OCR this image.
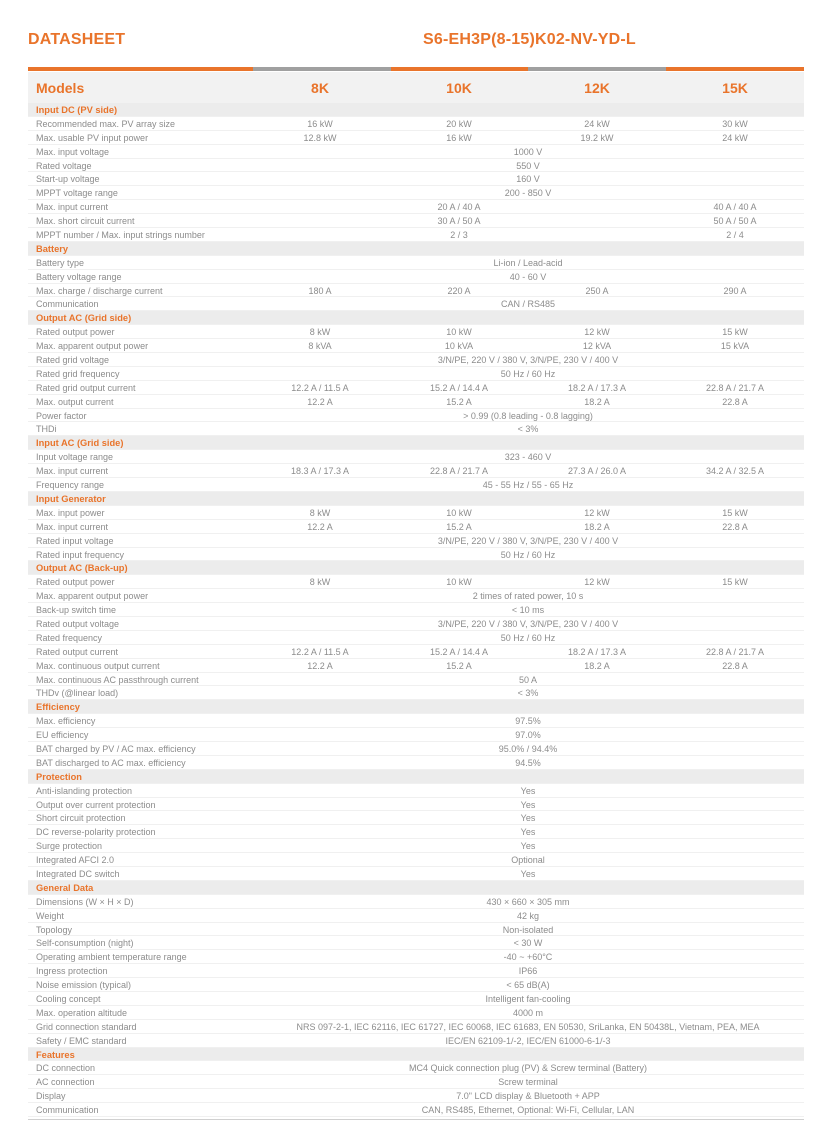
DATASHEET	S6-EH3P(8-15)K02-NV-YD-L
Models	8K	10K	12K	15K
Input DC (PV side)
Recommended max. PV array size	16 kW	20 kW	24 kW	30 kW
Max. usable PV input power	12.8 kW	16 kW	19.2 kW	24 kW
Max. input voltage	1000 V
Rated voltage	550 V
Start-up voltage	160 V
MPPT voltage range	200 - 850 V
Max. input current	20 A / 40 A	40 A / 40 A
Max. short circuit current	30 A / 50 A	50 A / 50 A
MPPT number / Max. input strings number	2 / 3	2 / 4
Battery
Battery type	Li-ion / Lead-acid
Battery voltage range	40 - 60 V
Max. charge / discharge current	180 A	220 A	250 A	290 A
Communication	CAN / RS485
Output AC (Grid side)
Rated output power	8 kW	10 kW	12 kW	15 kW
Max. apparent output power	8 kVA	10 kVA	12 kVA	15 kVA
Rated grid voltage	3/N/PE, 220 V / 380 V, 3/N/PE, 230 V / 400 V
Rated grid frequency	50 Hz / 60 Hz
Rated grid output current	12.2 A / 11.5 A	15.2 A / 14.4 A	18.2 A / 17.3 A	22.8 A / 21.7 A
Max. output current	12.2 A	15.2 A	18.2 A	22.8 A
Power factor	> 0.99 (0.8 leading - 0.8 lagging)
THDi	< 3%
Input AC (Grid side)
Input voltage range	323 - 460 V
Max. input current	18.3 A / 17.3 A	22.8 A / 21.7 A	27.3 A / 26.0 A	34.2 A / 32.5 A
Frequency range	45 - 55 Hz / 55 - 65 Hz
Input Generator
Max. input power	8 kW	10 kW	12 kW	15 kW
Max. input current	12.2 A	15.2 A	18.2 A	22.8 A
Rated input voltage	3/N/PE, 220 V / 380 V, 3/N/PE, 230 V / 400 V
Rated input frequency	50 Hz / 60 Hz
Output AC (Back-up)
Rated output power	8 kW	10 kW	12 kW	15 kW
Max. apparent output power	2 times of rated power, 10 s
Back-up switch time	< 10 ms
Rated output voltage	3/N/PE, 220 V / 380 V, 3/N/PE, 230 V / 400 V
Rated frequency	50 Hz / 60 Hz
Rated output current	12.2 A / 11.5 A	15.2 A / 14.4 A	18.2 A / 17.3 A	22.8 A / 21.7 A
Max. continuous output current	12.2 A	15.2 A	18.2 A	22.8 A
Max. continuous AC passthrough current	50 A
THDv (@linear load)	< 3%
Efficiency
Max. efficiency	97.5%
EU efficiency	97.0%
BAT charged by PV / AC max. efficiency	95.0% / 94.4%
BAT discharged to AC max. efficiency	94.5%
Protection
Anti-islanding protection	Yes
Output over current protection	Yes
Short circuit protection	Yes
DC reverse-polarity protection	Yes
Surge protection	Yes
Integrated AFCI 2.0	Optional
Integrated DC switch	Yes
General Data
Dimensions (W × H × D)	430 × 660 × 305 mm
Weight	42 kg
Topology	Non-isolated
Self-consumption (night)	< 30 W
Operating ambient temperature range	-40 ~ +60°C
Ingress protection	IP66
Noise emission (typical)	< 65 dB(A)
Cooling concept	Intelligent fan-cooling
Max. operation altitude	4000 m
Grid connection standard	NRS 097-2-1, IEC 62116, IEC 61727, IEC 60068, IEC 61683, EN 50530, SriLanka, EN 50438L, Vietnam, PEA, MEA
Safety / EMC standard	IEC/EN 62109-1/-2, IEC/EN 61000-6-1/-3
Features
DC connection	MC4 Quick connection plug (PV) & Screw terminal (Battery)
AC connection	Screw terminal
Display	7.0" LCD display & Bluetooth + APP
Communication	CAN, RS485, Ethernet, Optional: Wi-Fi, Cellular, LAN
